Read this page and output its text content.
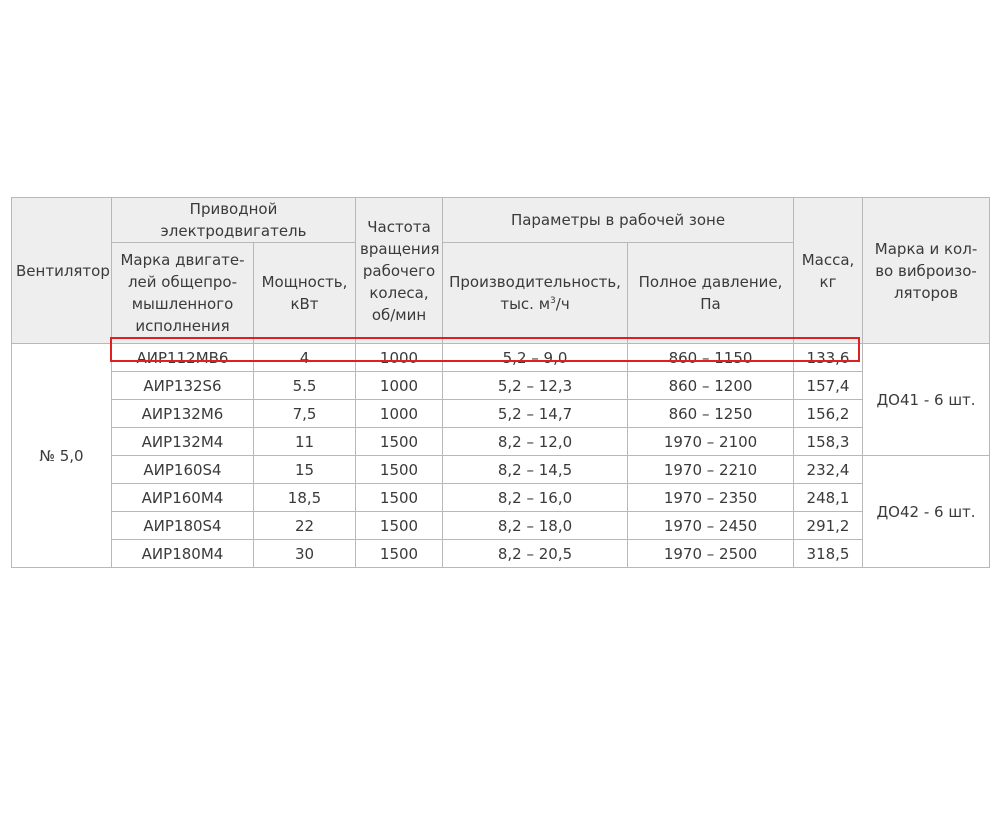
Вентилятор	Приводной электродвигатель		Частота вращения рабочего колеса, об/мин	Параметры в рабочей зоне		Масса, кг	Марка и кол-во виброизо-ляторов
	Марка двигате-лей общепро-мышленного исполнения	Мощность, кВт		Производительность, тыс. $м^3/ч$	Полное давление, Па		
№ 5,0	АИР112МВ6	4	1000	5,2 – 9,0	860 – 1150	133,6	ДО41 - 6 шт.
	АИР132S6	5.5	1000	5,2 – 12,3	860 – 1200	157,4	
	АИР132М6	7,5	1000	5,2 – 14,7	860 – 1250	156,2	
	АИР132М4	11	1500	8,2 – 12,0	1970 – 2100	158,3	
	АИР160S4	15	1500	8,2 – 14,5	1970 – 2210	232,4	ДО42 - 6 шт.
	АИР160М4	18,5	1500	8,2 – 16,0	1970 – 2350	248,1	
	АИР180S4	22	1500	8,2 – 18,0	1970 – 2450	291,2	
	АИР180М4	30	1500	8,2 – 20,5	1970 – 2500	318,5	
